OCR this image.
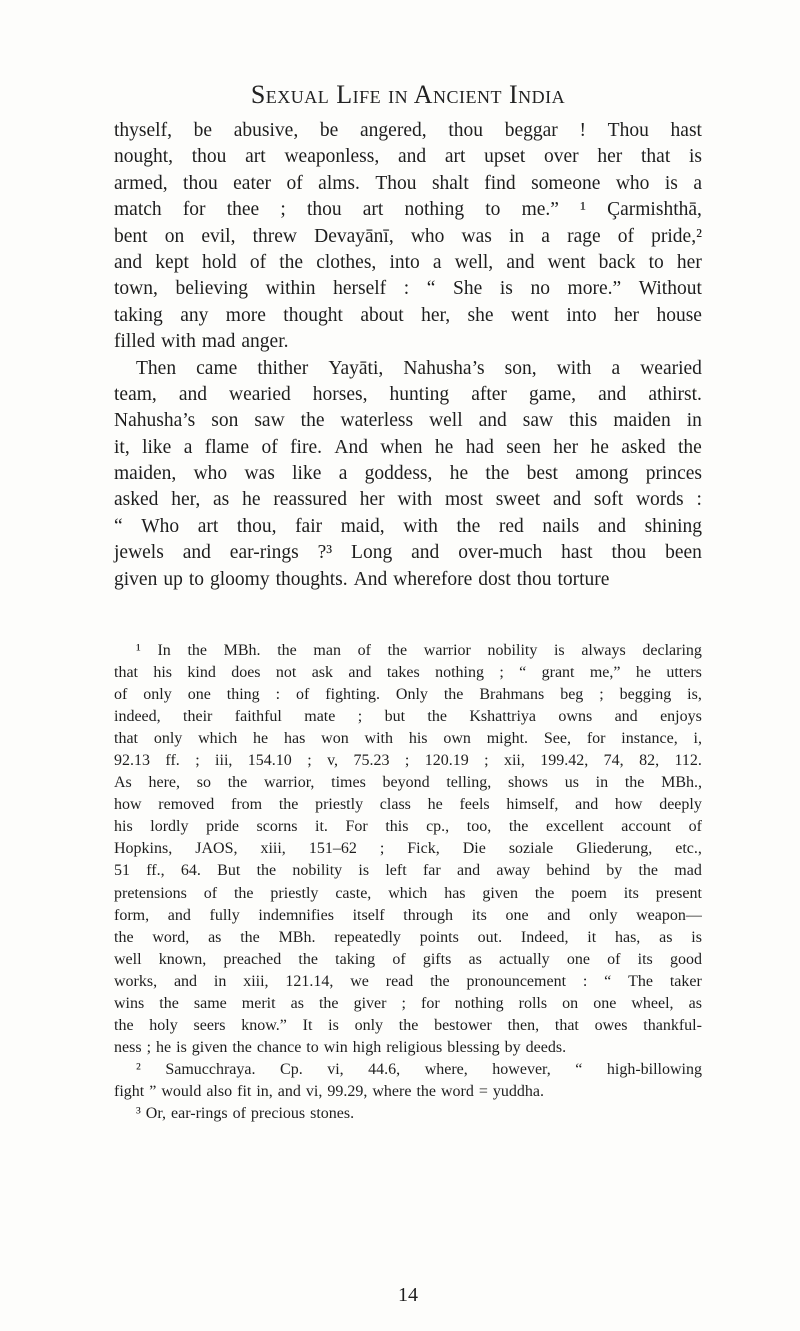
Sexual Life in Ancient India
thyself, be abusive, be angered, thou beggar ! Thou hast
nought, thou art weaponless, and art upset over her that is
armed, thou eater of alms. Thou shalt find someone who is a
match for thee ; thou art nothing to me.” ¹ Çarmishthā,
bent on evil, threw Devayānī, who was in a rage of pride,²
and kept hold of the clothes, into a well, and went back to her
town, believing within herself : “ She is no more.” Without
taking any more thought about her, she went into her house
filled with mad anger.
Then came thither Yayāti, Nahusha’s son, with a wearied
team, and wearied horses, hunting after game, and athirst.
Nahusha’s son saw the waterless well and saw this maiden in
it, like a flame of fire. And when he had seen her he asked the
maiden, who was like a goddess, he the best among princes
asked her, as he reassured her with most sweet and soft words :
“ Who art thou, fair maid, with the red nails and shining
jewels and ear-rings ?³ Long and over-much hast thou been
given up to gloomy thoughts. And wherefore dost thou torture
¹ In the MBh. the man of the warrior nobility is always declaring
that his kind does not ask and takes nothing ; “ grant me,” he utters
of only one thing : of fighting. Only the Brahmans beg ; begging is,
indeed, their faithful mate ; but the Kshattriya owns and enjoys
that only which he has won with his own might. See, for instance, i,
92.13 ff. ; iii, 154.10 ; v, 75.23 ; 120.19 ; xii, 199.42, 74, 82, 112.
As here, so the warrior, times beyond telling, shows us in the MBh.,
how removed from the priestly class he feels himself, and how deeply
his lordly pride scorns it. For this cp., too, the excellent account of
Hopkins, JAOS, xiii, 151–62 ; Fick, Die soziale Gliederung, etc.,
51 ff., 64. But the nobility is left far and away behind by the mad
pretensions of the priestly caste, which has given the poem its present
form, and fully indemnifies itself through its one and only weapon—
the word, as the MBh. repeatedly points out. Indeed, it has, as is
well known, preached the taking of gifts as actually one of its good
works, and in xiii, 121.14, we read the pronouncement : “ The taker
wins the same merit as the giver ; for nothing rolls on one wheel, as
the holy seers know.” It is only the bestower then, that owes thankful-
ness ; he is given the chance to win high religious blessing by deeds.
² Samucchraya. Cp. vi, 44.6, where, however, “ high-billowing
fight ” would also fit in, and vi, 99.29, where the word = yuddha.
³ Or, ear-rings of precious stones.
14
